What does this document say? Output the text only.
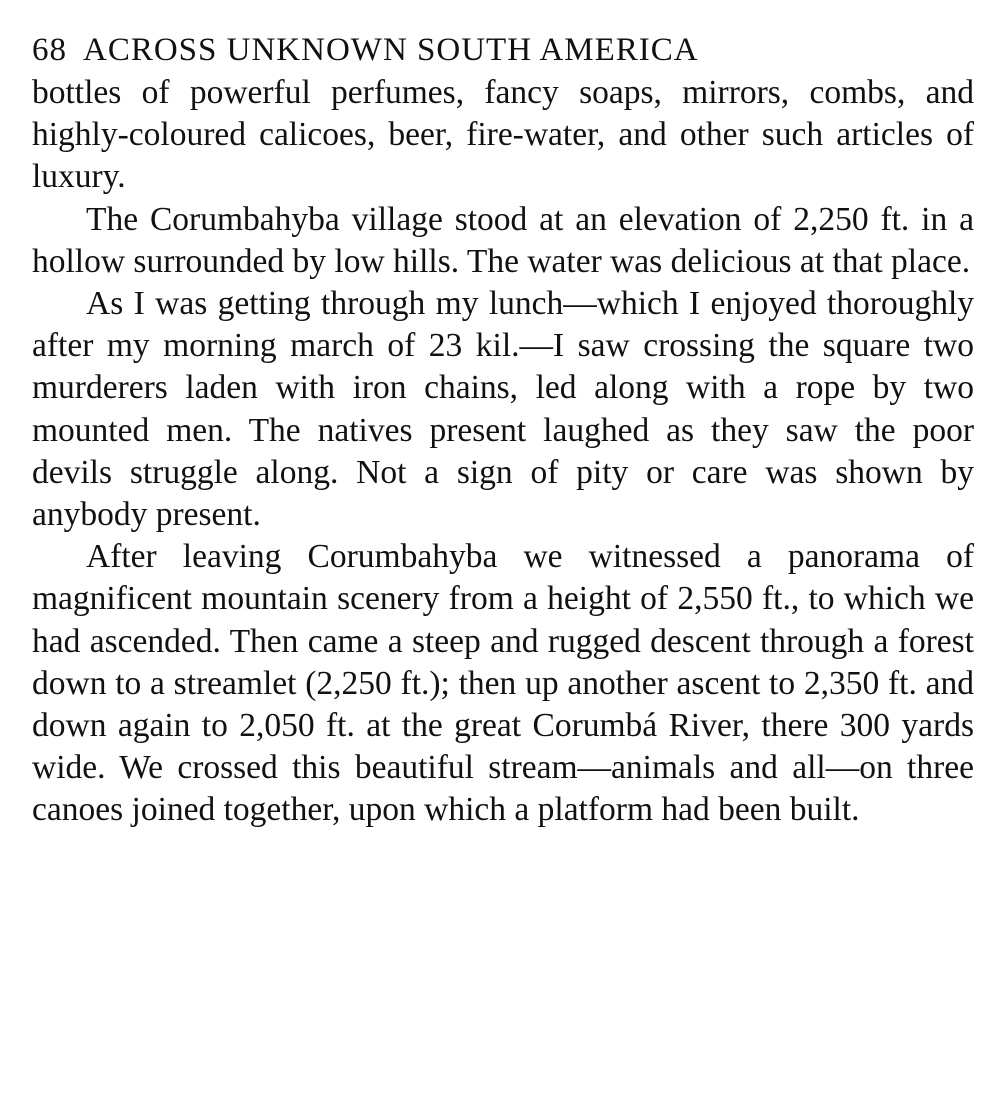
68 ACROSS UNKNOWN SOUTH AMERICA

bottles of powerful perfumes, fancy soaps, mirrors, combs, and highly-coloured calicoes, beer, fire-water, and other such articles of luxury.

The Corumbahyba village stood at an elevation of 2,250 ft. in a hollow surrounded by low hills. The water was delicious at that place.

As I was getting through my lunch—which I enjoyed thoroughly after my morning march of 23 kil.—I saw crossing the square two murderers laden with iron chains, led along with a rope by two mounted men. The natives present laughed as they saw the poor devils struggle along. Not a sign of pity or care was shown by anybody present.

After leaving Corumbahyba we witnessed a panorama of magnificent mountain scenery from a height of 2,550 ft., to which we had ascended. Then came a steep and rugged descent through a forest down to a streamlet (2,250 ft.); then up another ascent to 2,350 ft. and down again to 2,050 ft. at the great Corumbá River, there 300 yards wide. We crossed this beautiful stream—animals and all—on three canoes joined together, upon which a platform had been built.
